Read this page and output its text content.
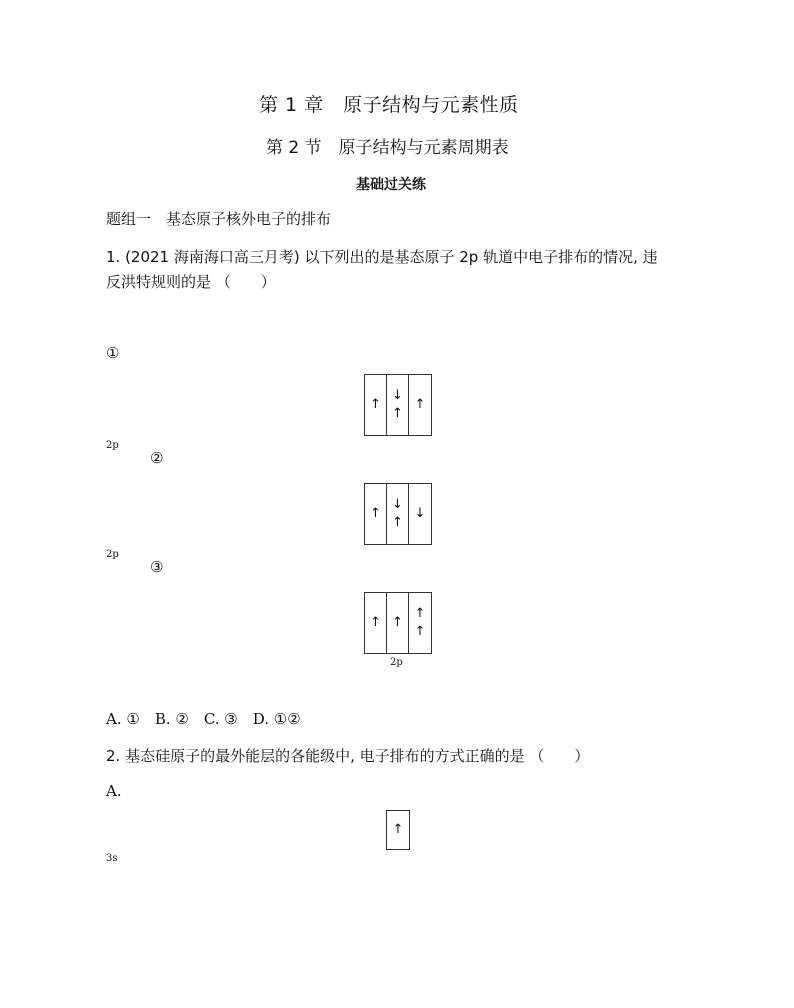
第 1 章　原子结构与元素性质
第 2 节　原子结构与元素周期表
基础过关练
题组一　基态原子核外电子的排布
1. (2021 海南海口高三月考) 以下列出的是基态原子 2p 轨道中电子排布的情况, 违
反洪特规则的是 （　　）
①
↑
↓
↑
↑
2p
②
↑
↓
↑
↓
2p
③
↑ ↑
↑
↑
2p
A. ①　B. ②　C. ③　D. ①②
2. 基态硅原子的最外能层的各能级中, 电子排布的方式正确的是 （　　）
A.
↑
3s
